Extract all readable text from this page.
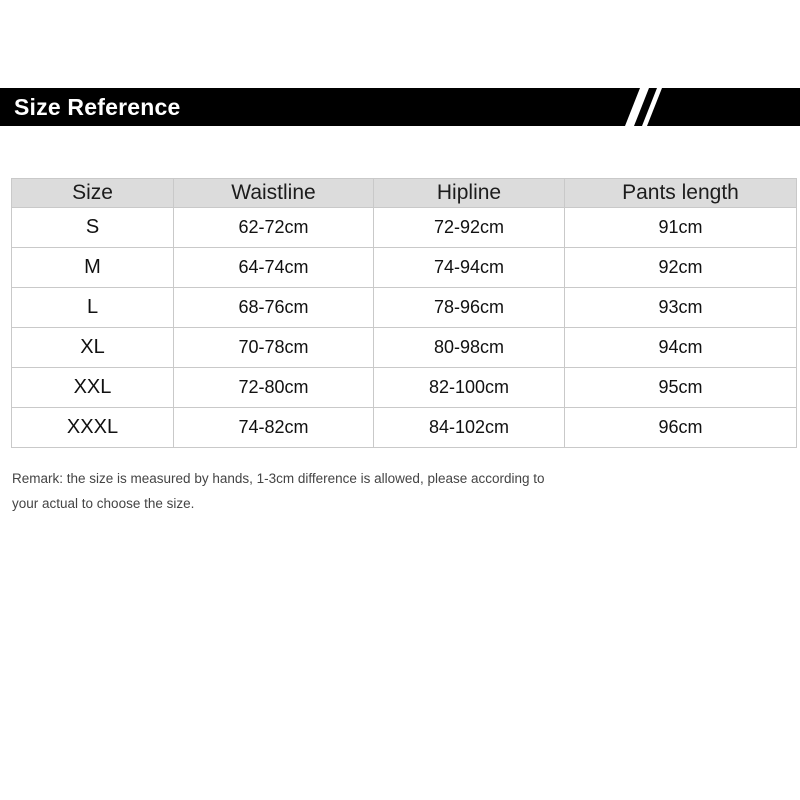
Size Reference
Size	Waistline	Hipline	Pants length
S	62-72cm	72-92cm	91cm
M	64-74cm	74-94cm	92cm
L	68-76cm	78-96cm	93cm
XL	70-78cm	80-98cm	94cm
XXL	72-80cm	82-100cm	95cm
XXXL	74-82cm	84-102cm	96cm
Remark: the size is measured by hands, 1-3cm difference is allowed, please according to
your actual to choose the size.
